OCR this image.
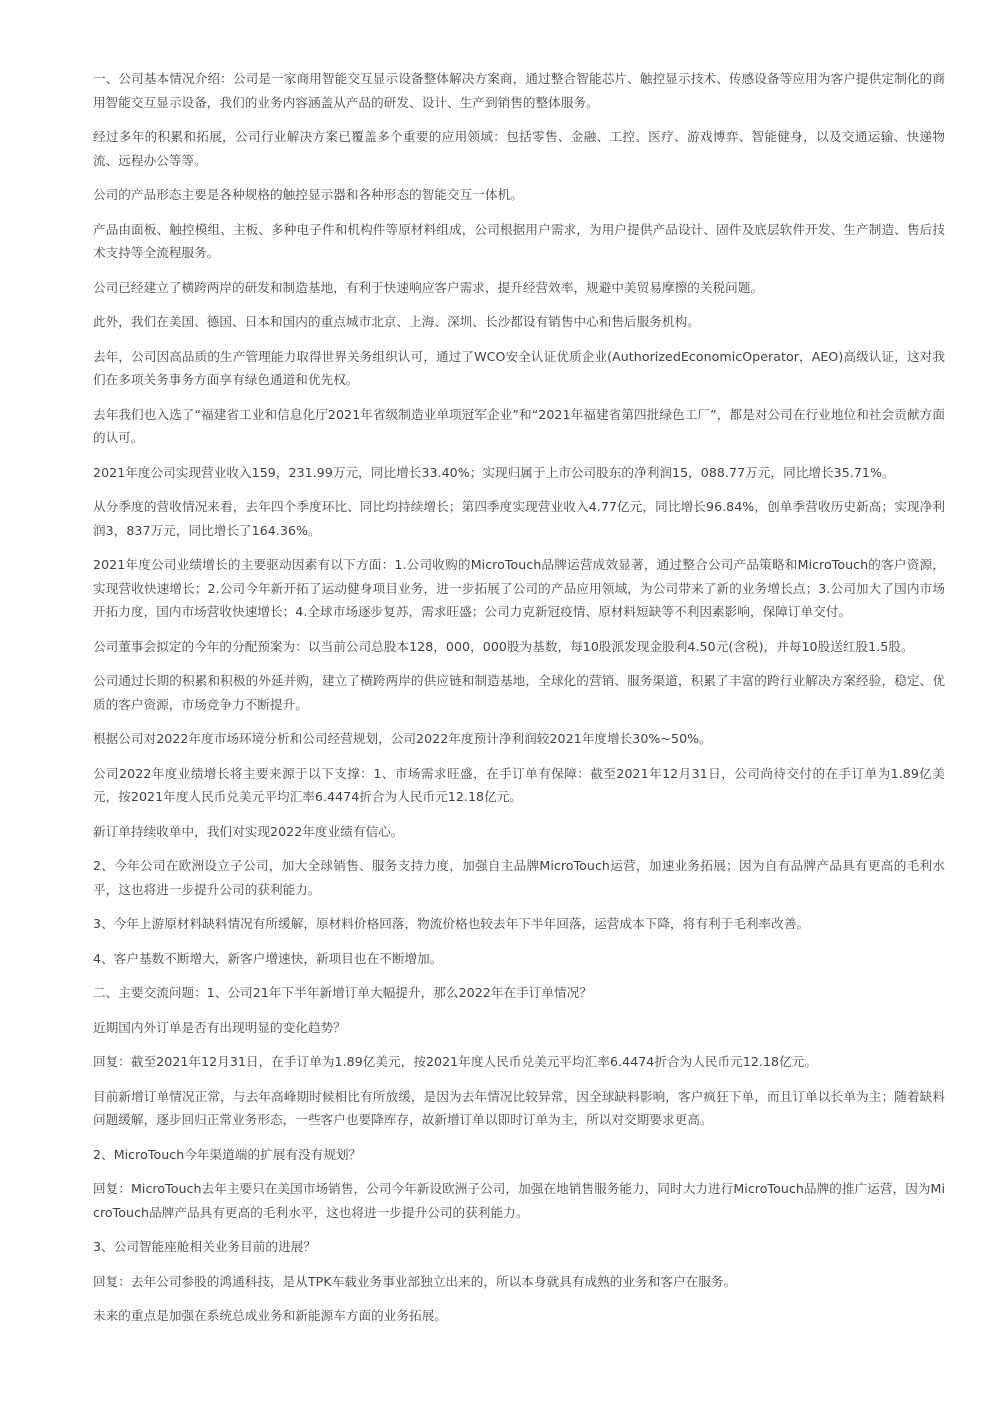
一、公司基本情况介绍：公司是一家商用智能交互显示设备整体解决方案商，通过整合智能芯片、触控显示技术、传感设备等应用为客户提供定制化的商用智能交互显示设备，我们的业务内容涵盖从产品的研发、设计、生产到销售的整体服务。

经过多年的积累和拓展，公司行业解决方案已覆盖多个重要的应用领域：包括零售、金融、工控、医疗、游戏博弈、智能健身，以及交通运输、快递物流、远程办公等等。

公司的产品形态主要是各种规格的触控显示器和各种形态的智能交互一体机。

产品由面板、触控模组、主板、多种电子件和机构件等原材料组成，公司根据用户需求，为用户提供产品设计、固件及底层软件开发、生产制造、售后技术支持等全流程服务。

公司已经建立了横跨两岸的研发和制造基地，有利于快速响应客户需求，提升经营效率，规避中美贸易摩擦的关税问题。

此外，我们在美国、德国、日本和国内的重点城市北京、上海、深圳、长沙都设有销售中心和售后服务机构。

去年，公司因高品质的生产管理能力取得世界关务组织认可，通过了WCO安全认证优质企业(AuthorizedEconomicOperator，AEO)高级认证，这对我们在多项关务事务方面享有绿色通道和优先权。

去年我们也入选了“福建省工业和信息化厅2021年省级制造业单项冠军企业”和“2021年福建省第四批绿色工厂”，都是对公司在行业地位和社会贡献方面的认可。

2021年度公司实现营业收入159，231.99万元，同比增长33.40%；实现归属于上市公司股东的净利润15，088.77万元，同比增长35.71%。

从分季度的营收情况来看，去年四个季度环比、同比均持续增长；第四季度实现营业收入4.77亿元，同比增长96.84%，创单季营收历史新高；实现净利润3，837万元，同比增长了164.36%。

2021年度公司业绩增长的主要驱动因素有以下方面：1.公司收购的MicroTouch品牌运营成效显著，通过整合公司产品策略和MicroTouch的客户资源，实现营收快速增长；2.公司今年新开拓了运动健身项目业务，进一步拓展了公司的产品应用领域，为公司带来了新的业务增长点；3.公司加大了国内市场开拓力度，国内市场营收快速增长；4.全球市场逐步复苏，需求旺盛；公司力克新冠疫情、原材料短缺等不利因素影响，保障订单交付。

公司董事会拟定的今年的分配预案为：以当前公司总股本128，000，000股为基数，每10股派发现金股利4.50元(含税)，并每10股送红股1.5股。

公司通过长期的积累和积极的外延并购，建立了横跨两岸的供应链和制造基地，全球化的营销、服务渠道，积累了丰富的跨行业解决方案经验，稳定、优质的客户资源，市场竞争力不断提升。

根据公司对2022年度市场环境分析和公司经营规划，公司2022年度预计净利润较2021年度增长30%~50%。

公司2022年度业绩增长将主要来源于以下支撑：1、市场需求旺盛，在手订单有保障：截至2021年12月31日，公司尚待交付的在手订单为1.89亿美元，按2021年度人民币兑美元平均汇率6.4474折合为人民币元12.18亿元。

新订单持续收单中，我们对实现2022年度业绩有信心。

2、今年公司在欧洲设立子公司，加大全球销售、服务支持力度，加强自主品牌MicroTouch运营，加速业务拓展；因为自有品牌产品具有更高的毛利水平，这也将进一步提升公司的获利能力。

3、今年上游原材料缺料情况有所缓解，原材料价格回落，物流价格也较去年下半年回落，运营成本下降，将有利于毛利率改善。

4、客户基数不断增大，新客户增速快，新项目也在不断增加。

二、主要交流问题：1、公司21年下半年新增订单大幅提升，那么2022年在手订单情况？

近期国内外订单是否有出现明显的变化趋势？

回复：截至2021年12月31日，在手订单为1.89亿美元，按2021年度人民币兑美元平均汇率6.4474折合为人民币元12.18亿元。

目前新增订单情况正常，与去年高峰期时候相比有所放缓，是因为去年情况比较异常，因全球缺料影响，客户疯狂下单，而且订单以长单为主；随着缺料问题缓解，逐步回归正常业务形态，一些客户也要降库存，故新增订单以即时订单为主，所以对交期要求更高。

2、MicroTouch今年渠道端的扩展有没有规划？

回复：MicroTouch去年主要只在美国市场销售，公司今年新设欧洲子公司，加强在地销售服务能力，同时大力进行MicroTouch品牌的推广运营，因为MicroTouch品牌产品具有更高的毛利水平，这也将进一步提升公司的获利能力。

3、公司智能座舱相关业务目前的进展？

回复：去年公司参股的鸿通科技，是从TPK车载业务事业部独立出来的，所以本身就具有成熟的业务和客户在服务。

未来的重点是加强在系统总成业务和新能源车方面的业务拓展。
